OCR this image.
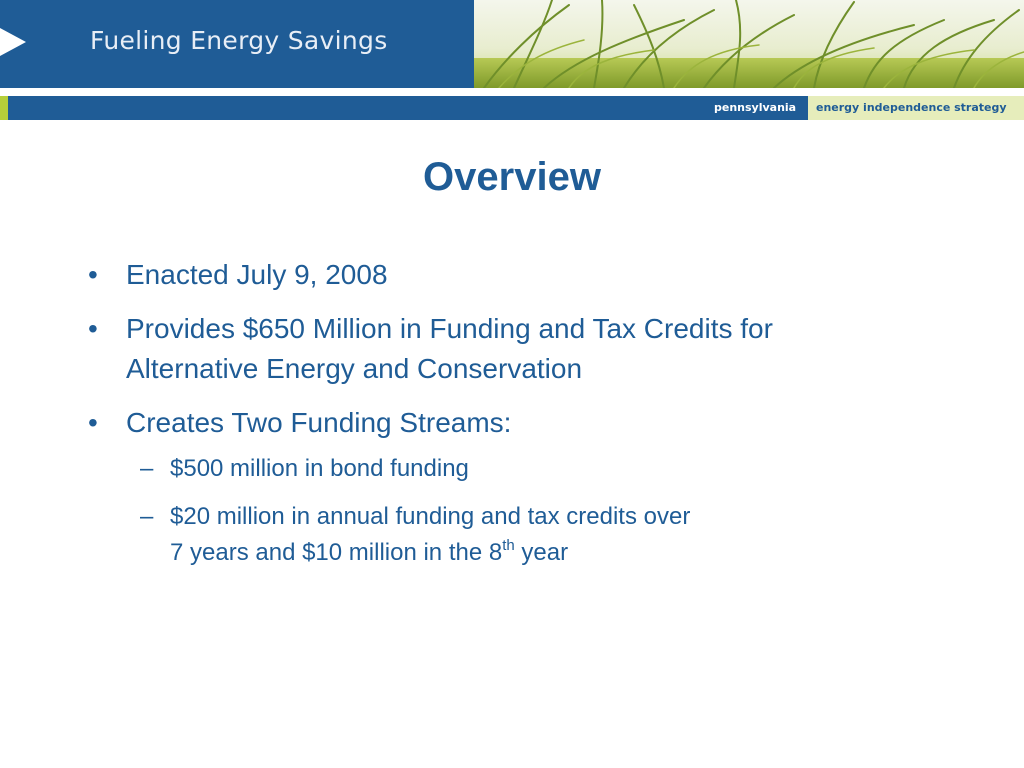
Fueling Energy Savings
pennsylvania energy independence strategy
Overview
• Enacted July 9, 2008
• Provides $650 Million in Funding and Tax Credits for
Alternative Energy and Conservation
• Creates Two Funding Streams:
– $500 million in bond funding
– $20 million in annual funding and tax credits over
7 years and $10 million in the 8th year
